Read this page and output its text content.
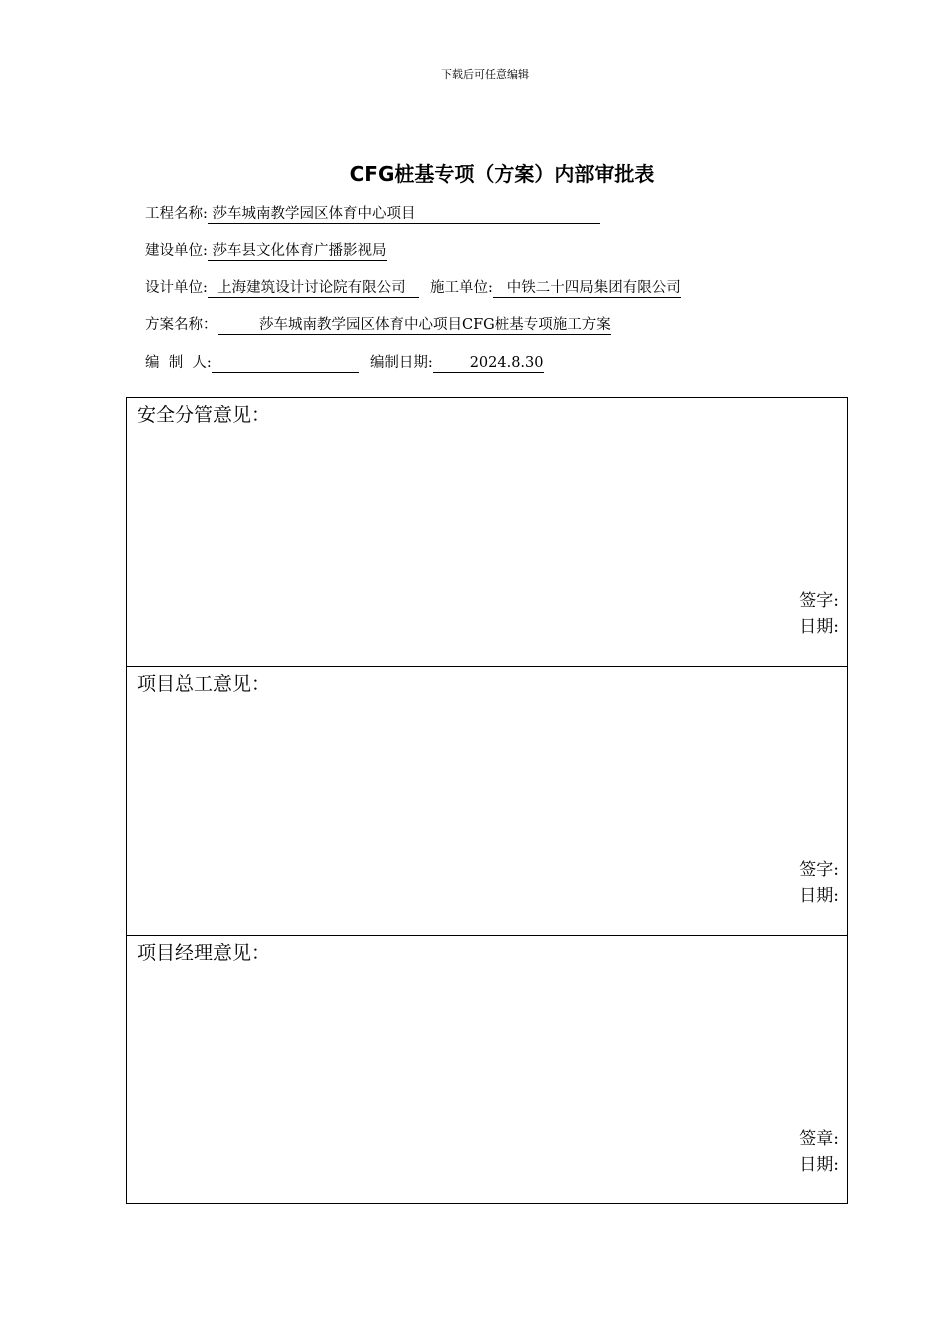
下载后可任意编辑
CFG桩基专项（方案）内部审批表
工程名称: 莎车城南教学园区体育中心项目
建设单位: 莎车县文化体育广播影视局
设计单位:  上海建筑设计讨论院有限公司    施工单位:   中铁二十四局集团有限公司
方案名称：         莎车城南教学园区体育中心项目CFG桩基专项施工方案
编  制  人:	编制日期:        2024.8.30
安全分管意见：
签字:
日期:
项目总工意见：
签字:
日期:
项目经理意见：
签章:
日期:
